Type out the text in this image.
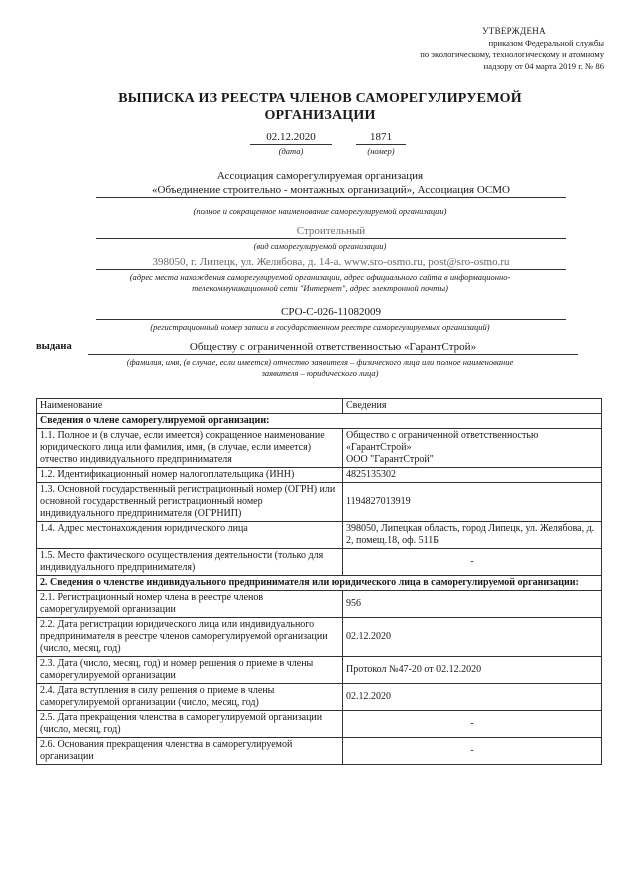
УТВЕРЖДЕНА
приказом Федеральной службы
по экологическому, технологическому и атомному
надзору от 04 марта 2019 г. № 86
ВЫПИСКА ИЗ РЕЕСТРА ЧЛЕНОВ САМОРЕГУЛИРУЕМОЙ
ОРГАНИЗАЦИИ
02.12.2020
(дата)
1871
(номер)
Ассоциация саморегулируемая организация
«Объединение строительно - монтажных организаций», Ассоциация ОСМО
(полное и сокращенное наименование саморегулируемой организации)
Строительный
(вид саморегулируемой организации)
398050, г. Липецк, ул. Желябова, д. 14-а. www.sro-osmo.ru, post@sro-osmo.ru
(адрес места нахождения саморегулируемой организации, адрес официального сайта в информационно-
телекоммуникационной сети "Интернет", адрес электронной почты)
СРО-С-026-11082009
(регистрационный номер записи в государственном реестре саморегулируемых организаций)
выдана	Обществу с ограниченной ответственностью «ГарантСтрой»
(фамилия, имя, (в случае, если имеется) отчество заявителя – физического лица или полное наименование
заявителя – юридического лица)
Наименование	Сведения
Сведения о члене саморегулируемой организации:	
1.1. Полное и (в случае, если имеется) сокращенное наименование юридического лица или фамилия, имя, (в случае, если имеется) отчество индивидуального предпринимателя	Общество с ограниченной ответственностью «ГарантСтрой»
ООО "ГарантСтрой"

1.2. Идентификационный номер налогоплательщика (ИНН)	4825135302
1.3. Основной государственный регистрационный номер (ОГРН) или основной государственный регистрационный номер индивидуального предпринимателя (ОГРНИП)	1194827013919
1.4. Адрес местонахождения юридического лица	398050, Липецкая область, город Липецк, ул. Желябова, д. 2, помещ.18, оф. 511Б
1.5. Место фактического осуществления деятельности (только для индивидуального предпринимателя)	-
2. Сведения о членстве индивидуального предпринимателя или юридического лица в саморегулируемой организации:	
2.1. Регистрационный номер члена в реестре членов саморегулируемой организации	956
2.2. Дата регистрации юридического лица или индивидуального предпринимателя в реестре членов саморегулируемой организации (число, месяц, год)	02.12.2020
2.3. Дата (число, месяц, год) и номер решения о приеме в члены саморегулируемой организации	Протокол №47-20 от 02.12.2020
2.4. Дата вступления в силу решения о приеме в члены саморегулируемой организации (число, месяц, год)	02.12.2020
2.5. Дата прекращения членства в саморегулируемой организации (число, месяц, год)	-
2.6. Основания прекращения членства в саморегулируемой организации	-
